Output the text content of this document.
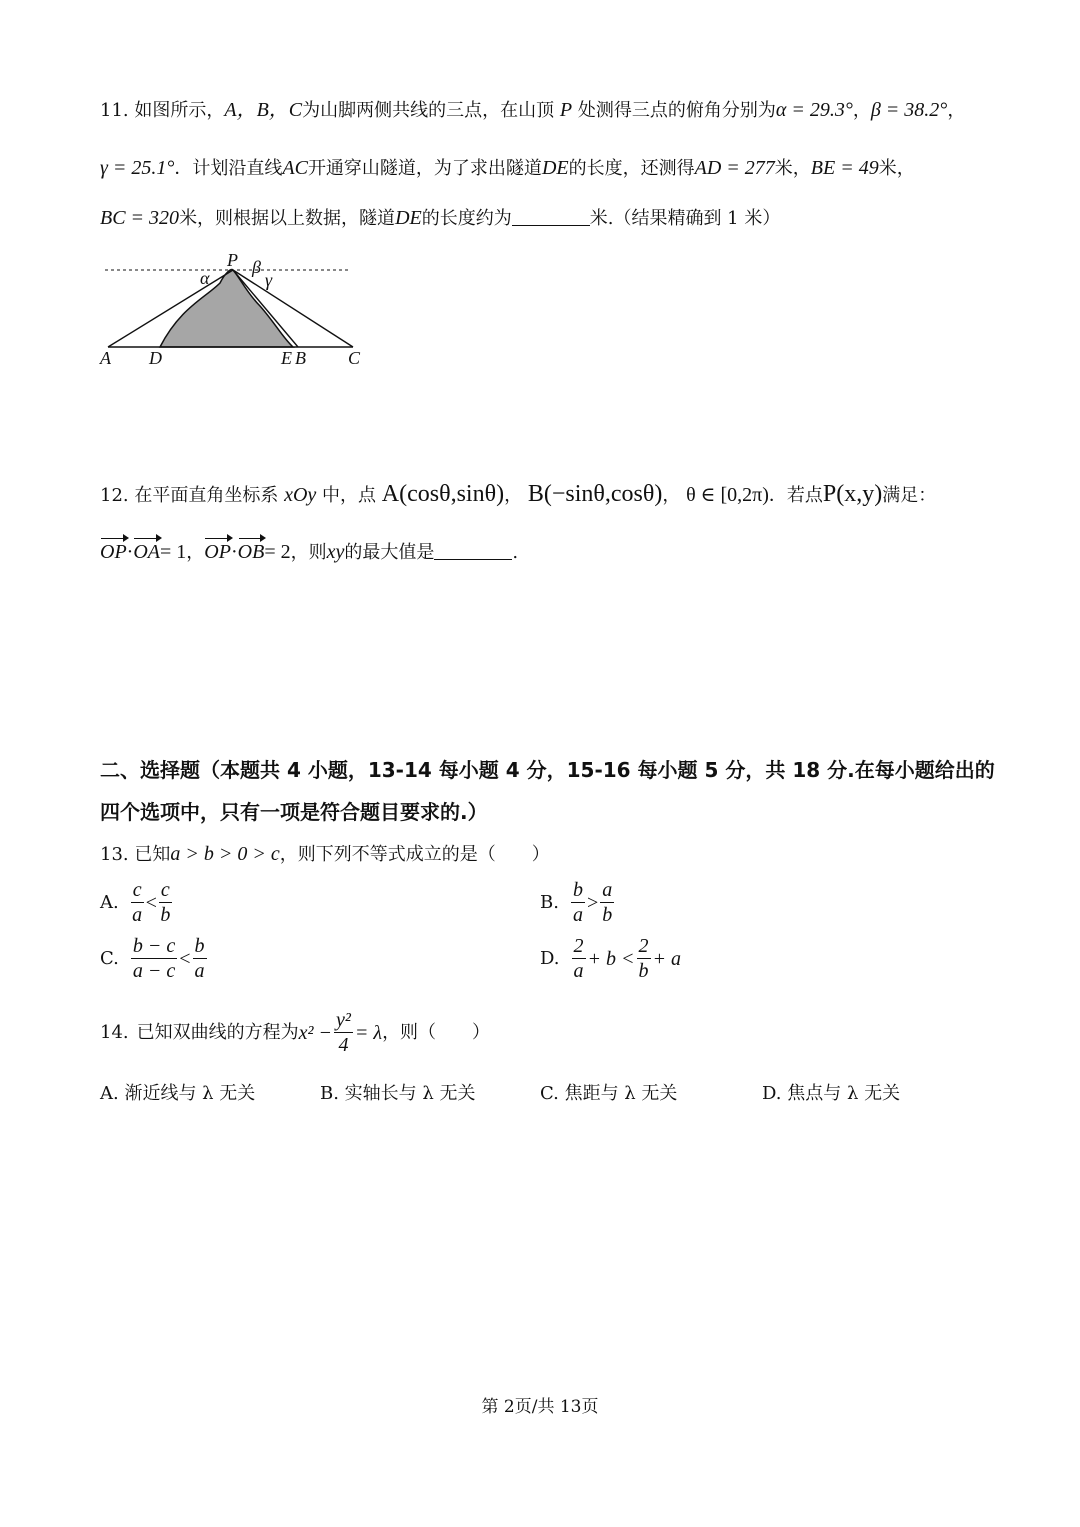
11. 如图所示，A，B，C为山脚两侧共线的三点，在山顶 P 处测得三点的俯角分别为α = 29.3°，β = 38.2°，
γ = 25.1°．计划沿直线AC开通穿山隧道，为了求出隧道DE的长度，还测得AD = 277米，BE = 49米，
BC = 320米，则根据以上数据，隧道DE的长度约为	米.（结果精确到 1 米）
P
α
β
γ
A D	E B C
12. 在平面直角坐标系 xOy 中，点 A(cosθ,sinθ)， B(−sinθ,cosθ)， θ ∈ [0,2π)．若点P(x,y)满足：
OP·OA= 1，OP·OB= 2，则xy的最大值是	.
二、选择题（本题共 4 小题，13-14 每小题 4 分，15-16 每小题 5 分，共 18 分.在每小题给出的
四个选项中，只有一项是符合题目要求的.）
13. 已知a > b > 0 > c，则下列不等式成立的是（　　）
A. $\frac{c}{a} < \frac{c}{b}$	B. $\frac{b}{a} > \frac{a}{b}$
C. $\frac{b - c}{a - c} < \frac{b}{a}$	D. $\frac{2}{a} + b < \frac{2}{b} + a$
14. 已知双曲线的方程为 $x^2 - \frac{\text{y²}}{4} = \lambda$ ，则（　　）
A. 渐近线与 λ 无关	B. 实轴长与 λ 无关	C. 焦距与 λ 无关	D. 焦点与 λ 无关
第 2页/共 13页
